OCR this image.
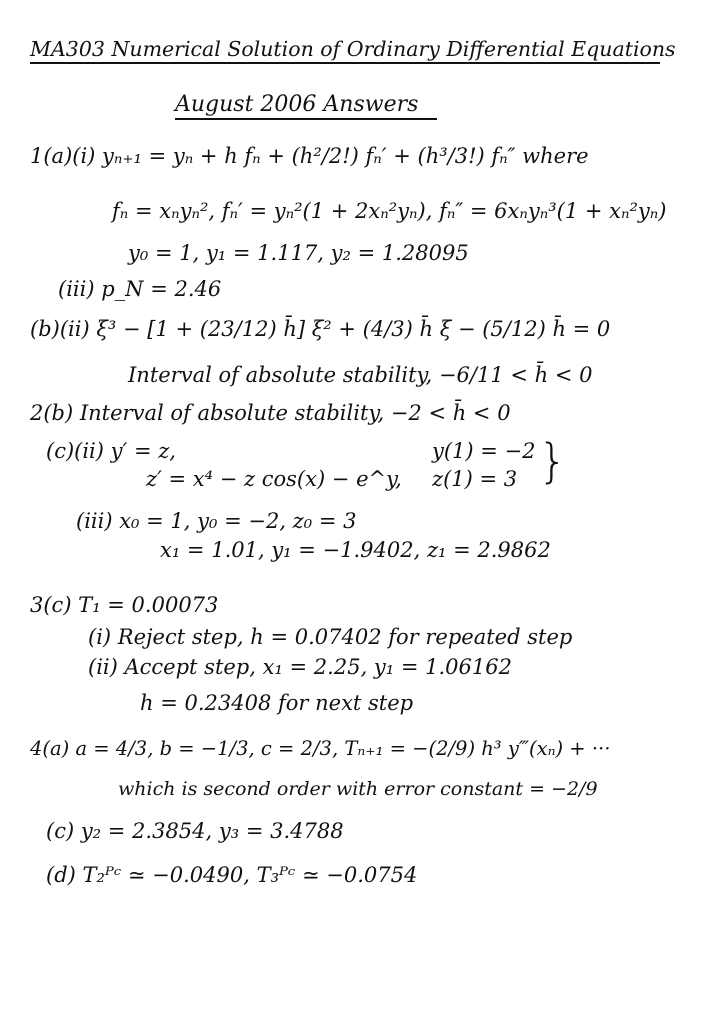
MA303 Numerical Solution of Ordinary Differential Equations
August 2006 Answers
1(a)(i) yₙ₊₁ = yₙ + h fₙ + (h²/2!) fₙ′ + (h³/3!) fₙ″ where
fₙ = xₙyₙ², fₙ′ = yₙ²(1 + 2xₙ²yₙ), fₙ″ = 6xₙyₙ³(1 + xₙ²yₙ)
y₀ = 1, y₁ = 1.117, y₂ = 1.28095
(iii) p_N = 2.46
(b)(ii) ξ³ − [1 + (23/12) h̄] ξ² + (4/3) h̄ ξ − (5/12) h̄ = 0
Interval of absolute stability, −6/11 < h̄ < 0
2(b) Interval of absolute stability, −2 < h̄ < 0
(c)(ii) y′ = z,	y(1) = −2
z′ = x⁴ − z cos(x) − e^y, z(1) = 3 }
(iii) x₀ = 1, y₀ = −2, z₀ = 3
x₁ = 1.01, y₁ = −1.9402, z₁ = 2.9862
3(c) T₁ = 0.00073
(i) Reject step, h = 0.07402 for repeated step
(ii) Accept step, x₁ = 2.25, y₁ = 1.06162
h = 0.23408 for next step
4(a) a = 4/3, b = −1/3, c = 2/3, Tₙ₊₁ = −(2/9) h³ y‴(xₙ) + ···
which is second order with error constant = −2/9
(c) y₂ = 2.3854, y₃ = 3.4788
(d) T₂ᴾᶜ ≃ −0.0490, T₃ᴾᶜ ≃ −0.0754
